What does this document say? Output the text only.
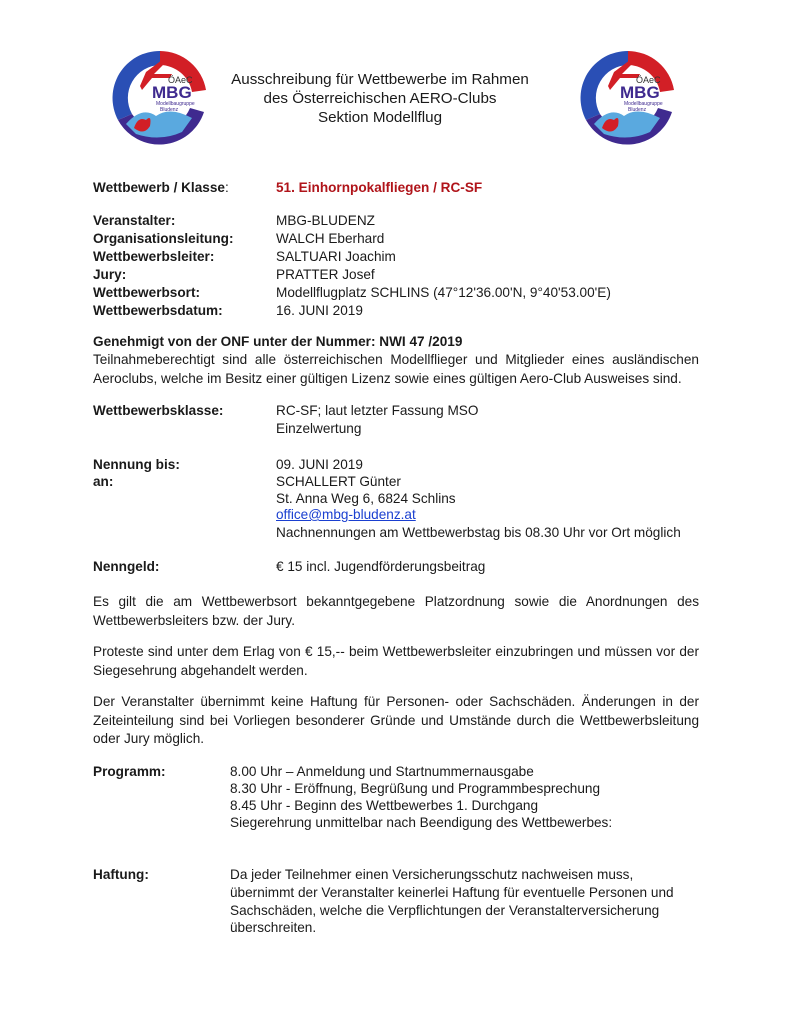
ÖAeC
MBG
Modellbaugruppe
Bludenz
ÖAeC
MBG
Modellbaugruppe
Bludenz
Ausschreibung für Wettbewerbe im Rahmen
des Österreichischen AERO-Clubs
Sektion Modellflug
Wettbewerb / Klasse:	51. Einhornpokalfliegen / RC-SF
Veranstalter:	MBG-BLUDENZ
Organisationsleitung:	WALCH Eberhard
Wettbewerbsleiter:	SALTUARI Joachim
Jury:	PRATTER Josef
Wettbewerbsort:	Modellflugplatz SCHLINS (47°12'36.00'N, 9°40'53.00'E)
Wettbewerbsdatum:	16. JUNI 2019
Genehmigt von der ONF unter der Nummer: NWI 47 /2019
Teilnahmeberechtigt sind alle österreichischen Modellflieger und Mitglieder eines ausländischen Aeroclubs, welche im Besitz einer gültigen Lizenz sowie eines gültigen Aero-Club Ausweises sind.
Wettbewerbsklasse:	RC-SF; laut letzter Fassung MSO
Einzelwertung
Nennung bis:	09. JUNI 2019
an:	SCHALLERT Günter
St. Anna Weg 6, 6824 Schlins
office@mbg-bludenz.at
Nachnennungen am Wettbewerbstag bis 08.30 Uhr vor Ort möglich
Nenngeld:	€ 15 incl. Jugendförderungsbeitrag
Es gilt die am Wettbewerbsort bekanntgegebene Platzordnung sowie die Anordnungen des Wettbewerbsleiters bzw. der Jury.
Proteste sind unter dem Erlag von € 15,-- beim Wettbewerbsleiter einzubringen und müssen vor der Siegesehrung abgehandelt werden.
Der Veranstalter übernimmt keine Haftung für Personen- oder Sachschäden. Änderungen in der Zeiteinteilung sind bei Vorliegen besonderer Gründe und Umstände durch die Wettbewerbsleitung oder Jury möglich.
Programm:	8.00 Uhr – Anmeldung und Startnummernausgabe
8.30 Uhr - Eröffnung, Begrüßung und Programmbesprechung
8.45 Uhr - Beginn des Wettbewerbes 1. Durchgang
Siegerehrung unmittelbar nach Beendigung des Wettbewerbes:
Haftung:	Da jeder Teilnehmer einen Versicherungsschutz nachweisen muss,
übernimmt der Veranstalter keinerlei Haftung für eventuelle Personen und
Sachschäden, welche die Verpflichtungen der Veranstalterversicherung
überschreiten.
